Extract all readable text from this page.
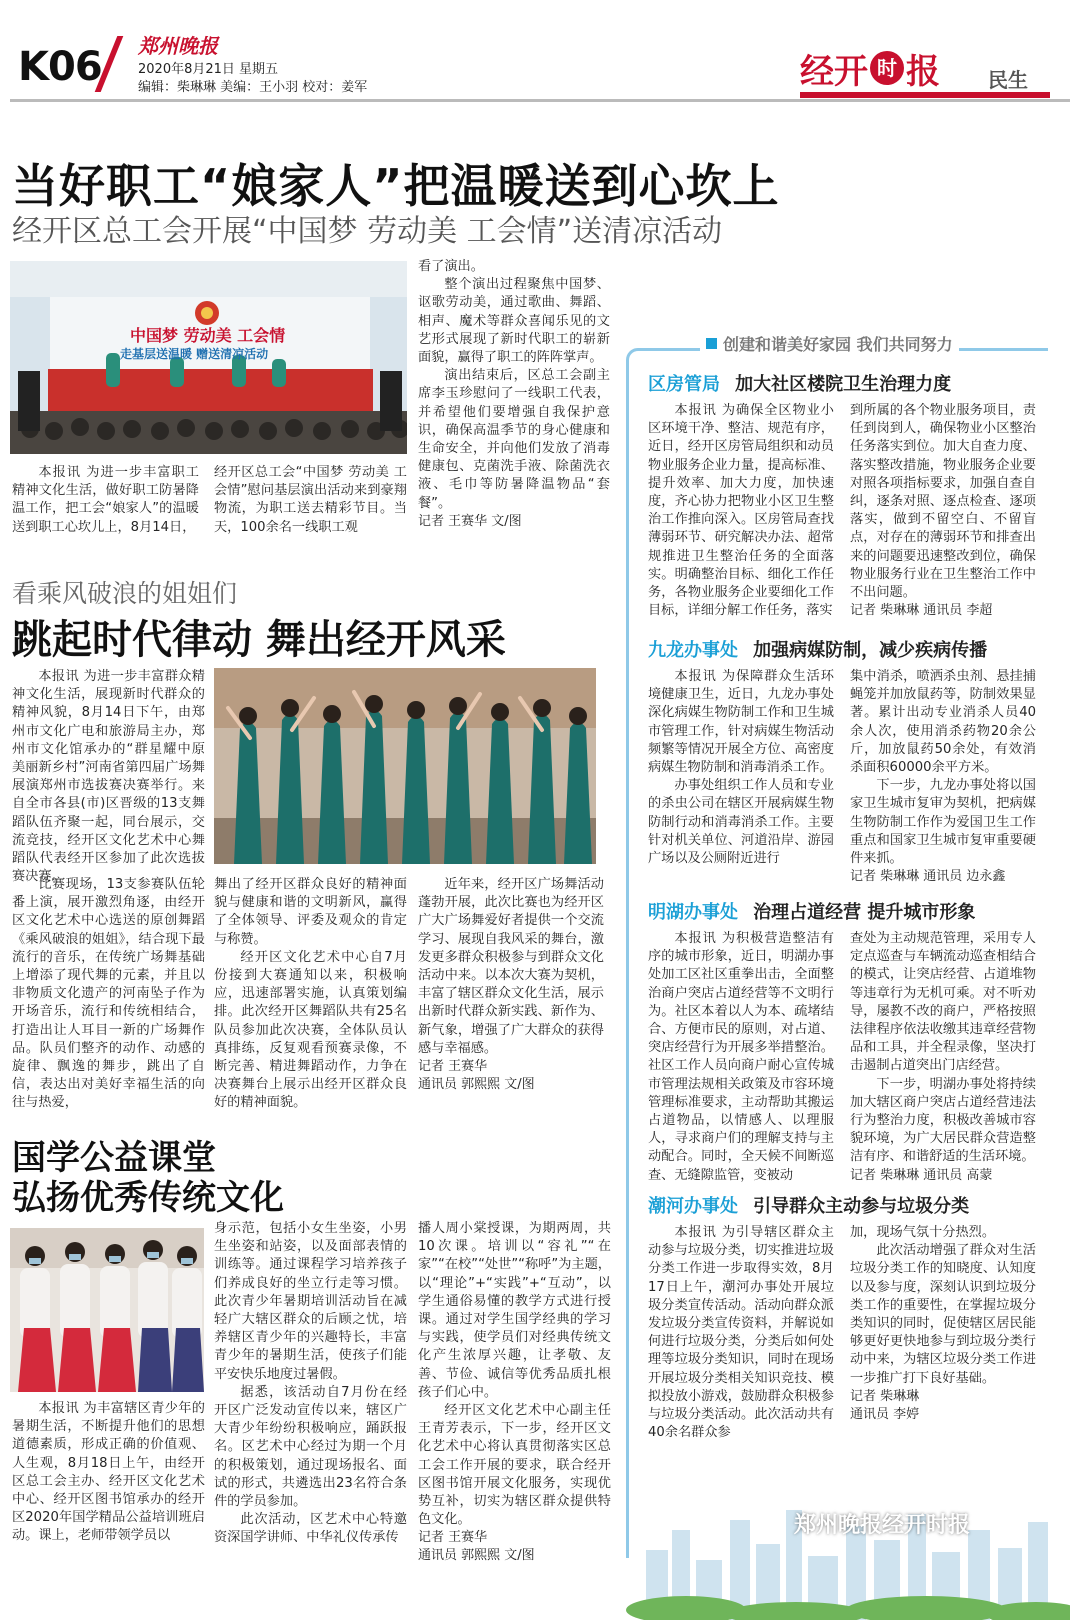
K06 郑州晚报
2020年8月21日 星期五
编辑：柴琳琳 美编：王小羽 校对：姜军	经开 时 报 民生
当好职工“娘家人”把温暖送到心坎上
经开区总工会开展“中国梦 劳动美 工会情”送清凉活动
中国梦 劳动美 工会情
走基层送温暖 赠送清凉活动

本报讯 为进一步丰富职工精神文化生活，做好职工防暑降温工作，把工会“娘家人”的温暖送到职工心坎儿上，8月14日，

经开区总工会“中国梦 劳动美 工会情”慰问基层演出活动来到豪翔物流，为职工送去精彩节目。当天，100余名一线职工观

看了演出。

整个演出过程聚焦中国梦、讴歌劳动美，通过歌曲、舞蹈、相声、魔术等群众喜闻乐见的文艺形式展现了新时代职工的崭新面貌，赢得了职工的阵阵掌声。

演出结束后，区总工会副主席李玉珍慰问了一线职工代表，并希望他们要增强自我保护意识，确保高温季节的身心健康和生命安全，并向他们发放了消毒健康包、克菌洗手液、除菌洗衣液、毛巾等防暑降温物品“套餐”。

记者 王赛华 文/图

创建和谐美好家园 我们共同努力
区房管局 加大社区楼院卫生治理力度

本报讯 为确保全区物业小区环境干净、整洁、规范有序，近日，经开区房管局组织和动员物业服务企业力量，提高标准、提升效率、加大力度，加快速度，齐心协力把物业小区卫生整治工作推向深入。区房管局查找薄弱环节、研究解决办法、超常规推进卫生整治任务的全面落实。明确整治目标、细化工作任务，各物业服务企业要细化工作目标，详细分解工作任务，落实

到所属的各个物业服务项目，责任到岗到人，确保物业小区整治任务落实到位。加大自查力度、落实整改措施，物业服务企业要对照各项指标要求，加强自查自纠，逐条对照、逐点检查、逐项落实，做到不留空白、不留盲点，对存在的薄弱环节和排查出来的问题要迅速整改到位，确保物业服务行业在卫生整治工作中不出问题。

记者 柴琳琳 通讯员 李超

九龙办事处 加强病媒防制，减少疾病传播

本报讯 为保障群众生活环境健康卫生，近日，九龙办事处深化病媒生物防制工作和卫生城市管理工作，针对病媒生物活动频繁等情况开展全方位、高密度病媒生物防制和消毒消杀工作。

办事处组织工作人员和专业的杀虫公司在辖区开展病媒生物防制行动和消毒消杀工作。主要针对机关单位、河道沿岸、游园广场以及公厕附近进行

集中消杀，喷洒杀虫剂、悬挂捕蝇笼并加放鼠药等，防制效果显著。累计出动专业消杀人员40余人次，使用消杀药物20余公斤，加放鼠药50余处，有效消杀面积60000余平方米。

下一步，九龙办事处将以国家卫生城市复审为契机，把病媒生物防制工作作为爱国卫生工作重点和国家卫生城市复审重要硬件来抓。

记者 柴琳琳 通讯员 边永鑫

明湖办事处 治理占道经营 提升城市形象

本报讯 为积极营造整洁有序的城市形象，近日，明湖办事处加工区社区重拳出击，全面整治商户突店占道经营等不文明行为。社区本着以人为本、疏堵结合、方便市民的原则，对占道、突店经营行为开展多举措整治。社区工作人员向商户耐心宣传城市管理法规相关政策及市容环境管理标准要求，主动帮助其搬运占道物品，以情感人、以理服人，寻求商户们的理解支持与主动配合。同时，全天候不间断巡查、无缝隙监管，变被动

查处为主动规范管理，采用专人定点巡查与车辆流动巡查相结合的模式，让突店经营、占道堆物等违章行为无机可乘。对不听劝导，屡教不改的商户，严格按照法律程序依法收缴其违章经营物品和工具，并全程录像，坚决打击遏制占道突出门店经营。

下一步，明湖办事处将持续加大辖区商户突店占道经营违法行为整治力度，积极改善城市容貌环境，为广大居民群众营造整洁有序、和谐舒适的生活环境。

记者 柴琳琳 通讯员 高蒙

潮河办事处 引导群众主动参与垃圾分类

本报讯 为引导辖区群众主动参与垃圾分类，切实推进垃圾分类工作进一步取得实效，8月17日上午，潮河办事处开展垃圾分类宣传活动。活动向群众派发垃圾分类宣传资料，并解说如何进行垃圾分类，分类后如何处理等垃圾分类知识，同时在现场开展垃圾分类相关知识竞技、模拟投放小游戏，鼓励群众积极参与垃圾分类活动。此次活动共有40余名群众参

加，现场气氛十分热烈。

此次活动增强了群众对生活垃圾分类工作的知晓度、认知度以及参与度，深刻认识到垃圾分类工作的重要性，在掌握垃圾分类知识的同时，促使辖区居民能够更好更快地参与到垃圾分类行动中来，为辖区垃圾分类工作进一步推广打下良好基础。

记者 柴琳琳

通讯员 李婷

看乘风破浪的姐姐们
跳起时代律动 舞出经开风采

本报讯 为进一步丰富群众精神文化生活，展现新时代群众的精神风貌，8月14日下午，由郑州市文化广电和旅游局主办，郑州市文化馆承办的“群星耀中原 美丽新乡村”河南省第四届广场舞展演郑州市选拔赛决赛举行。来自全市各县(市)区晋级的13支舞蹈队伍齐聚一起，同台展示，交流竞技，经开区文化艺术中心舞蹈队代表经开区参加了此次选拔赛决赛。

比赛现场，13支参赛队伍轮番上演，展开激烈角逐，由经开区文化艺术中心选送的原创舞蹈《乘风破浪的姐姐》，结合现下最流行的音乐，在传统广场舞基础上增添了现代舞的元素，并且以非物质文化遗产的河南坠子作为开场音乐，流行和传统相结合，打造出让人耳目一新的广场舞作品。队员们整齐的动作、动感的旋律、飘逸的舞步，跳出了自信，表达出对美好幸福生活的向往与热爱，

舞出了经开区群众良好的精神面貌与健康和谐的文明新风，赢得了全体领导、评委及观众的肯定与称赞。

经开区文化艺术中心自7月份接到大赛通知以来，积极响应，迅速部署实施，认真策划编排。此次经开区舞蹈队共有25名队员参加此次决赛，全体队员认真排练，反复观看预赛录像，不断完善、精进舞蹈动作，力争在决赛舞台上展示出经开区群众良好的精神面貌。

近年来，经开区广场舞活动蓬勃开展，此次比赛也为经开区广大广场舞爱好者提供一个交流学习、展现自我风采的舞台，激发更多群众积极参与到群众文化活动中来。以本次大赛为契机，丰富了辖区群众文化生活，展示出新时代群众新实践、新作为、新气象，增强了广大群众的获得感与幸福感。

记者 王赛华

通讯员 郭熙熙 文/图

国学公益课堂
弘扬优秀传统文化

本报讯 为丰富辖区青少年的暑期生活，不断提升他们的思想道德素质，形成正确的价值观、人生观，8月18日上午，由经开区总工会主办、经开区文化艺术中心、经开区图书馆承办的经开区2020年国学精品公益培训班启动。课上，老师带领学员以

身示范，包括小女生坐姿，小男生坐姿和站姿，以及面部表情的训练等。通过课程学习培养孩子们养成良好的坐立行走等习惯。此次青少年暑期培训活动旨在减轻广大辖区群众的后顾之忧，培养辖区青少年的兴趣特长，丰富青少年的暑期生活，使孩子们能平安快乐地度过暑假。

据悉，该活动自7月份在经开区广泛发动宣传以来，辖区广大青少年纷纷积极响应，踊跃报名。区艺术中心经过为期一个月的积极策划，通过现场报名、面试的形式，共遴选出23名符合条件的学员参加。

此次活动，区艺术中心特邀资深国学讲师、中华礼仪传承传

播人周小棠授课，为期两周，共10次课。培训以“容礼”“在家”“在校”“处世”“称呼”为主题，以“理论”+“实践”+“互动”，以学生通俗易懂的教学方式进行授课。通过对学生国学经典的学习与实践，使学员们对经典传统文化产生浓厚兴趣，让孝敬、友善、节俭、诚信等优秀品质扎根孩子们心中。

经开区文化艺术中心副主任王青芳表示，下一步，经开区文化艺术中心将认真贯彻落实区总工会工作开展的要求，联合经开区图书馆开展文化服务，实现优势互补，切实为辖区群众提供特色文化。

记者 王赛华

通讯员 郭熙熙 文/图

郑州晚报经开时报
